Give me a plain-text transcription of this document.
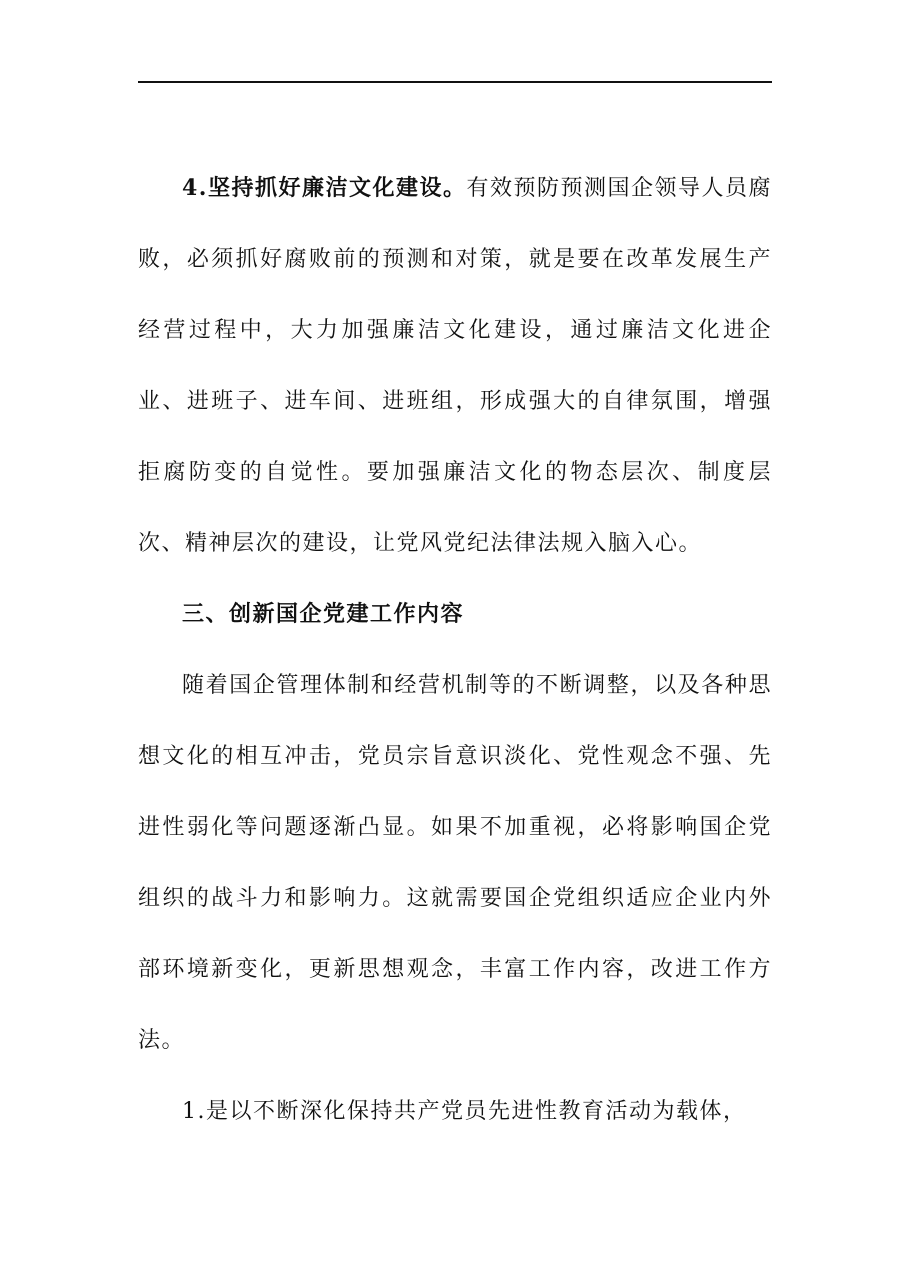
4.坚持抓好廉洁文化建设。有效预防预测国企领导人员腐败，必须抓好腐败前的预测和对策，就是要在改革发展生产经营过程中，大力加强廉洁文化建设，通过廉洁文化进企业、进班子、进车间、进班组，形成强大的自律氛围，增强拒腐防变的自觉性。要加强廉洁文化的物态层次、制度层次、精神层次的建设，让党风党纪法律法规入脑入心。

三、创新国企党建工作内容

随着国企管理体制和经营机制等的不断调整，以及各种思想文化的相互冲击，党员宗旨意识淡化、党性观念不强、先进性弱化等问题逐渐凸显。如果不加重视，必将影响国企党组织的战斗力和影响力。这就需要国企党组织适应企业内外部环境新变化，更新思想观念，丰富工作内容，改进工作方法。

1.是以不断深化保持共产党员先进性教育活动为载体，
